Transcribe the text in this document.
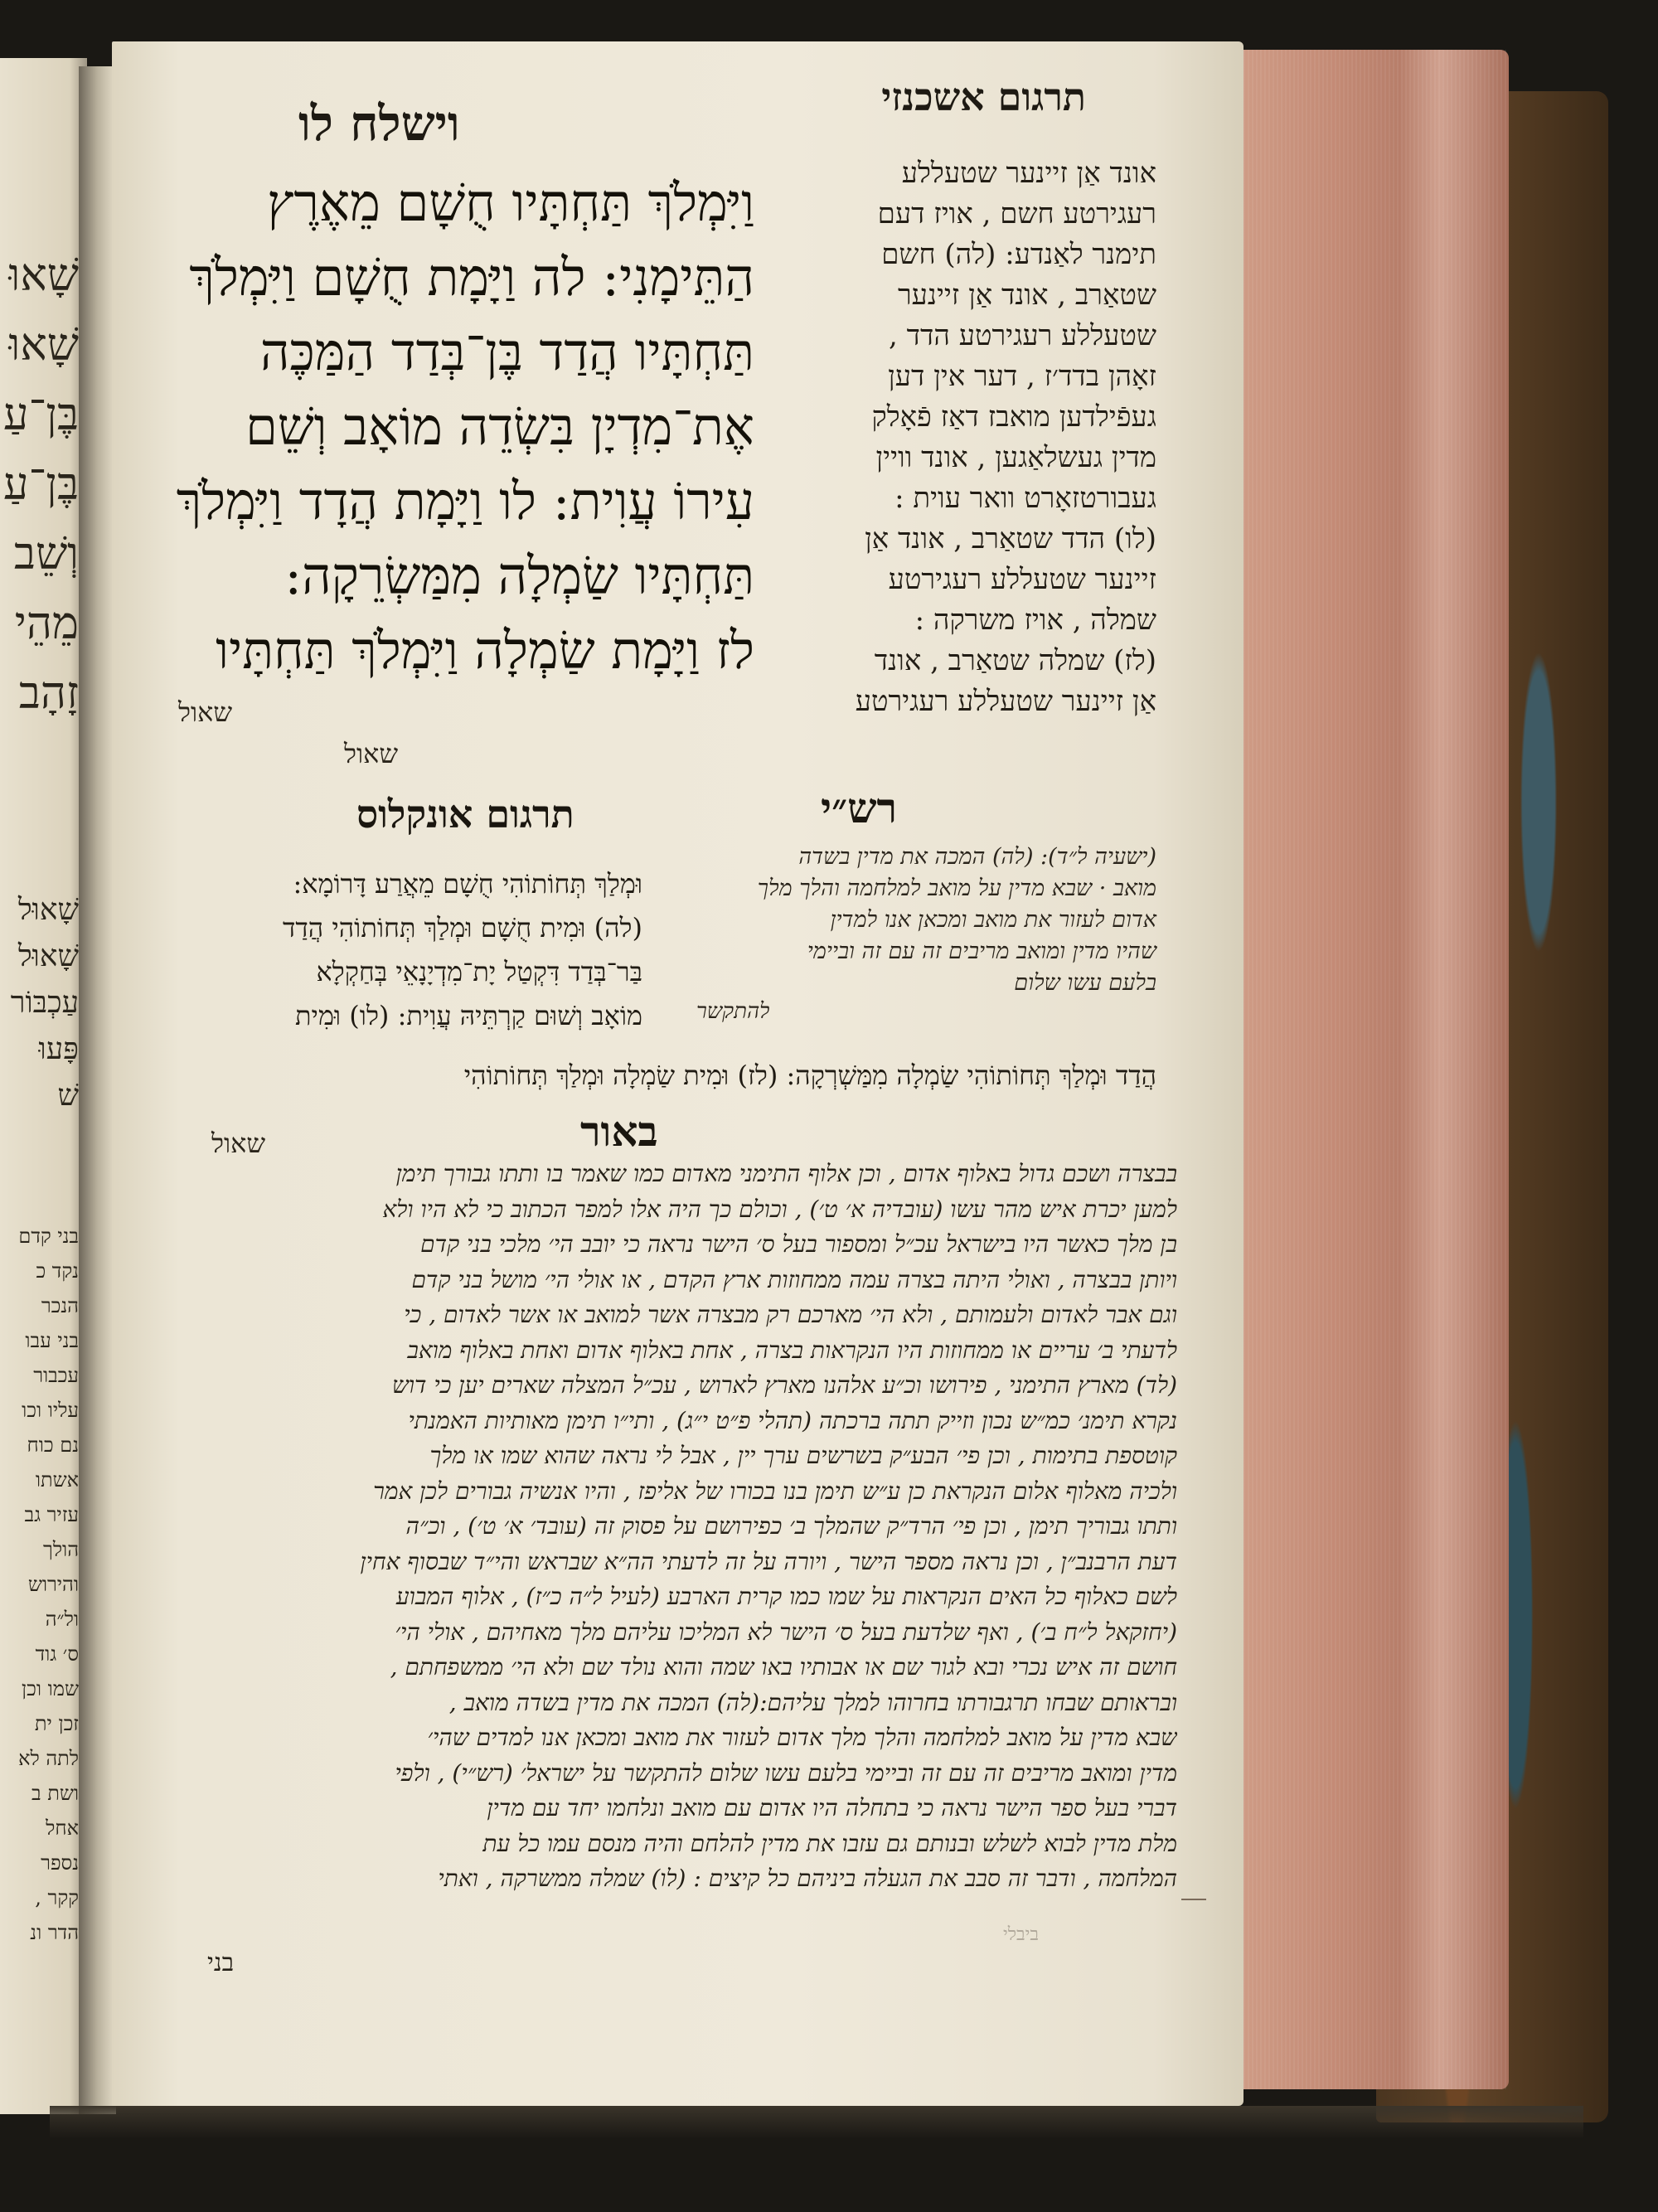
שָׁאוּ
שָׁאוּ
בֶּן־עַ
בֶּן־עַ
וְשֵׁב
מֵהֵי
זָהָב
שָׁאוּל
שָׁאוּל
עַכְבּוֹר
פָּעוּ
שׁ
בני קדם
נקד כ
הנכר
בני עבו
עכבור
עליו וכו
נם כוח
אשתו
עזיר גב
הולך
והירוש
ול״ה
ס׳ גוד
שמו וכן
זכן ית
לתה לא
ושת ב
אחל
נספר
קקר ,
הדר ונ
וישלח לו	תרגום אשכנזי
וַיִּמְלֹךְ תַּחְתָּיו חֻשָׁם מֵאֶרֶץ
הַתֵּימָנִי: לה וַיָּמָת חֻשָׁם וַיִּמְלֹךְ
תַּחְתָּיו הֲדַד בֶּן־בְּדַד הַמַּכֶּה
אֶת־מִדְיָן בִּשְׂדֵה מוֹאָב וְשֵׁם
עִירוֹ עֲוִית: לו וַיָּמָת הֲדָד וַיִּמְלֹךְ
תַּחְתָּיו שַׂמְלָה מִמַּשְׂרֵקָה:
לז וַיָּמָת שַׂמְלָה וַיִּמְלֹךְ תַּחְתָּיו
אונד אַן זיינער שטעללע
רעגירטע חשם , אויז דעם
תימנר לאַנדע: (לה) חשם
שטאַרב , אונד אַן זיינער
שטעללע רעגירטע הדד ,
זאָהן בדד׳ז , דער אין דען
געפֿילדען מואבז דאַז פֿאָלק
מדין געשלאַגען , אונד וויין
געבורטזאָרט וואר עוית :
(לו) הדד שטאַרב , אונד אַן
זיינער שטעללע רעגירטע
שמלה , אויז משרקה :
(לז) שמלה שטאַרב , אונד
אַן זיינער שטעללע רעגירטע
שאול
שאול
שאול
תרגום אונקלוס	רש״י
וּמְלַךְ תְּחוֹתוֹהִי חֻשָׁם מֵאֲרַע דָּרוֹמָא:
(לה) וּמִית חֻשָׁם וּמְלַךְ תְּחוֹתוֹהִי הֲדַד
בַּר־בְּדַד דִּקְטַל יָת־מִדְיָנָאֵי בְּחַקְלָא
מוֹאָב וְשׁוּם קַרְתֵּיהּ עֲוִית: (לו) וּמִית
(ישעיה ל״ד): (לה) המכה את מדין בשדה
מואב · שבא מדין על מואב למלחמה והלך מלך
אדום לעזור את מואב ומכאן אנו למדין
שהיו מדין ומואב מריבים זה עם זה וביימי
בלעם עשו שלום
להתקשר
הֲדַד וּמְלַךְ תְּחוֹתוֹהִי שַׂמְלָה מִמַּשְׁרְקָה: (לז) וּמִית שַׂמְלָה וּמְלַךְ תְּחוֹתוֹהִי
באור
בבצרה ושכם גדול באלוף אדום , וכן אלוף התימני מאדום כמו שאמר בו ותתו גבורך תימן
למען יכרת איש מהר עשו (עובדיה א׳ ט׳) , וכולם כך היה אלו למפר הכתוב כי לא היו ולא
בן מלך כאשר היו בישראל עכ״ל ומספור בעל ס׳ הישר נראה כי יובב הי׳ מלכי בני קדם
ויותן בבצרה , ואולי היתה בצרה עמה ממחוזות ארץ הקדם , או אולי הי׳ מושל בני קדם
וגם אבר לאדום ולעמותם , ולא הי׳ מארכם רק מבצרה אשר למואב או אשר לאדום , כי
לדעתי ב׳ עריים או ממחוזות היו הנקראות בצרה , אחת באלוף אדום ואחת באלוף מואב
(לד) מארץ התימני , פירושו וכ״ע אלהנו מארץ לארוש , עכ״ל המצלה שארים יען כי דוש
נקרא תימנ׳ כמ״ש נכון וזייק תתה ברכתה (תהלי פ״ט י״ג) , ותי״ו תימן מאותיות האמנתי
קוטספת בתימות , וכן פי׳ הבע״ק בשרשים ערך יין , אבל לי נראה שהוא שמו או מלך
ולכיה מאלוף אלום הנקראת כן ע״ש תימן בנו בכורו של אליפז , והיו אנשיה גבורים לכן אמר
ותתו גבוריך תימן , וכן פי׳ הרד״ק שהמלך ב׳ כפירושם על פסוק זה (עובד׳ א׳ ט׳) , וכ״ה
דעת הרבנב״ן , וכן נראה מספר הישר , ויורה על זה לדעתי הה״א שבראש והי״ד שבסוף אחין
לשם כאלוף כל האים הנקראות על שמו כמו קרית הארבע (לעיל ל״ה כ״ז) , אלוף המבוע
(יחזקאל ל״ח ב׳) , ואף שלדעת בעל ס׳ הישר לא המליכו עליהם מלך מאחיהם , אולי הי׳
חושם זה איש נכרי ובא לגור שם או אבותיו באו שמה והוא נולד שם ולא הי׳ ממשפחתם ,
ובראותם שבחו תרגבורתו בחרוהו למלך עליהם:(לה) המכה את מדין בשדה מואב ,
שבא מדין על מואב למלחמה והלך מלך אדום לעזור את מואב ומכאן אנו למדים שהי׳
מדין ומואב מריבים זה עם זה וביימי בלעם עשו שלום להתקשר על ישראל׳ (רש״י) , ולפי
דברי בעל ספר הישר נראה כי בתחלה היו אדום עם מואב ונלחמו יחד עם מדין
מלת מדין לבוא לשלש ובנותם גם עזבו את מדין להלחם והיה מנסם עמו כל עת
המלחמה , ודבר זה סבב את הגעלה ביניהם כל קיצים : (לו) שמלה ממשרקה , ואתי
בני
ביבלי
